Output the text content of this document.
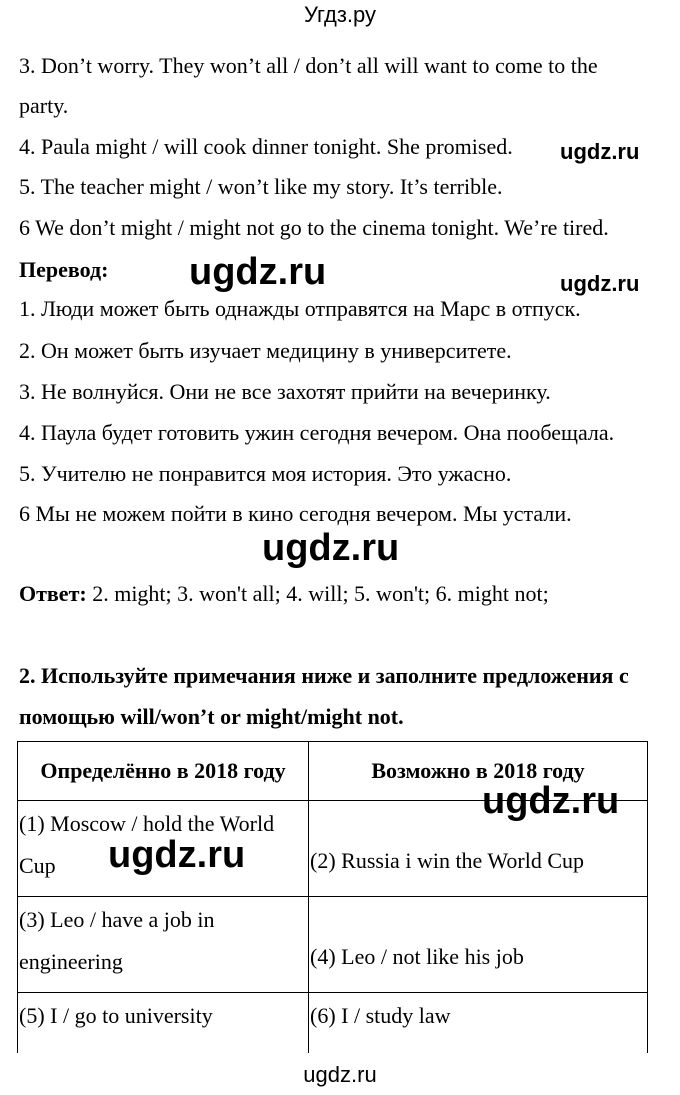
Угдз.ру
3. Don’t worry. They won’t all / don’t all will want to come to the
party.
4. Paula might / will cook dinner tonight. She promised.
5. The teacher might / won’t like my story. It’s terrible.
6 We don’t might / might not go to the cinema tonight. We’re tired.
ugdz.ru
Перевод: ugdz.ru	ugdz.ru
1. Люди может быть однажды отправятся на Марс в отпуск.
2. Он может быть изучает медицину в университете.
3. Не волнуйся. Они не все захотят прийти на вечеринку.
4. Паула будет готовить ужин сегодня вечером. Она пообещала.
5. Учителю не понравится моя история. Это ужасно.
6 Мы не можем пойти в кино сегодня вечером. Мы устали.
ugdz.ru
Ответ: 2. might; 3. won't all; 4. will; 5. won't; 6. might not;
2. Используйте примечания ниже и заполните предложения с
помощью will/won’t or might/might not.
Определённо в 2018 году	Возможно в 2018 году

(1) Moscow / hold the World Cup	(2) Russia i win the World Cup

(3) Leo / have a job in engineering	(4) Leo / not like his job

(5) I / go to university	(6) I / study law
ugdz.ru
ugdz.ru
ugdz.ru
